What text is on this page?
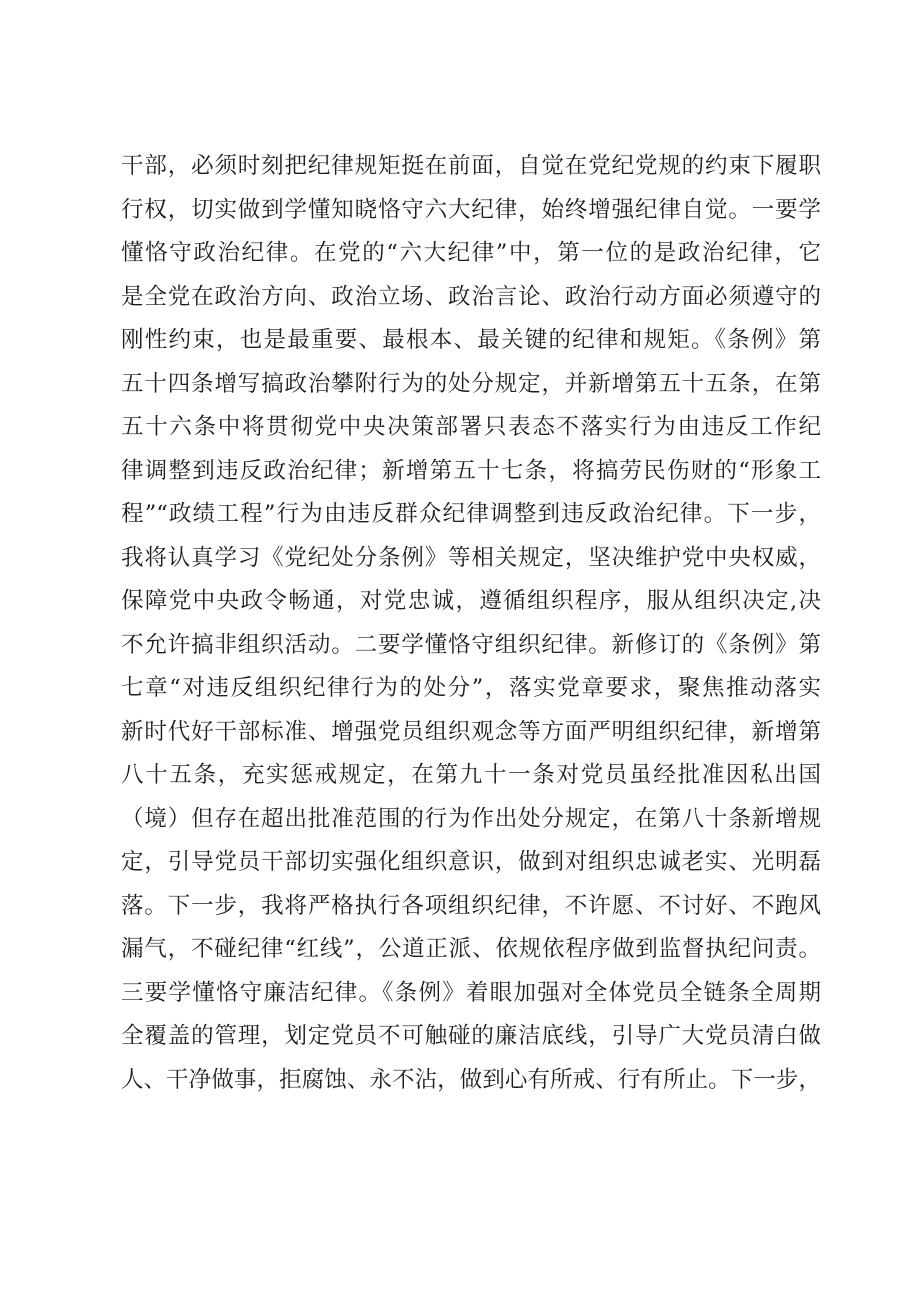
干部，必须时刻把纪律规矩挺在前面，自觉在党纪党规的约束下履职
行权，切实做到学懂知晓恪守六大纪律，始终增强纪律自觉。一要学
懂恪守政治纪律。在党的“六大纪律”中，第一位的是政治纪律，它
是全党在政治方向、政治立场、政治言论、政治行动方面必须遵守的
刚性约束，也是最重要、最根本、最关键的纪律和规矩。《条例》第
五十四条增写搞政治攀附行为的处分规定，并新增第五十五条，在第
五十六条中将贯彻党中央决策部署只表态不落实行为由违反工作纪
律调整到违反政治纪律；新增第五十七条，将搞劳民伤财的“形象工
程”“政绩工程”行为由违反群众纪律调整到违反政治纪律。下一步，
我将认真学习《党纪处分条例》等相关规定，坚决维护党中央权威，
保障党中央政令畅通，对党忠诚，遵循组织程序，服从组织决定,决
不允许搞非组织活动。二要学懂恪守组织纪律。新修订的《条例》第
七章“对违反组织纪律行为的处分”，落实党章要求，聚焦推动落实
新时代好干部标准、增强党员组织观念等方面严明组织纪律，新增第
八十五条，充实惩戒规定，在第九十一条对党员虽经批准因私出国
（境）但存在超出批准范围的行为作出处分规定，在第八十条新增规
定，引导党员干部切实强化组织意识，做到对组织忠诚老实、光明磊
落。下一步，我将严格执行各项组织纪律，不许愿、不讨好、不跑风
漏气，不碰纪律“红线”，公道正派、依规依程序做到监督执纪问责。
三要学懂恪守廉洁纪律。《条例》着眼加强对全体党员全链条全周期
全覆盖的管理，划定党员不可触碰的廉洁底线，引导广大党员清白做
人、干净做事，拒腐蚀、永不沾，做到心有所戒、行有所止。下一步，
